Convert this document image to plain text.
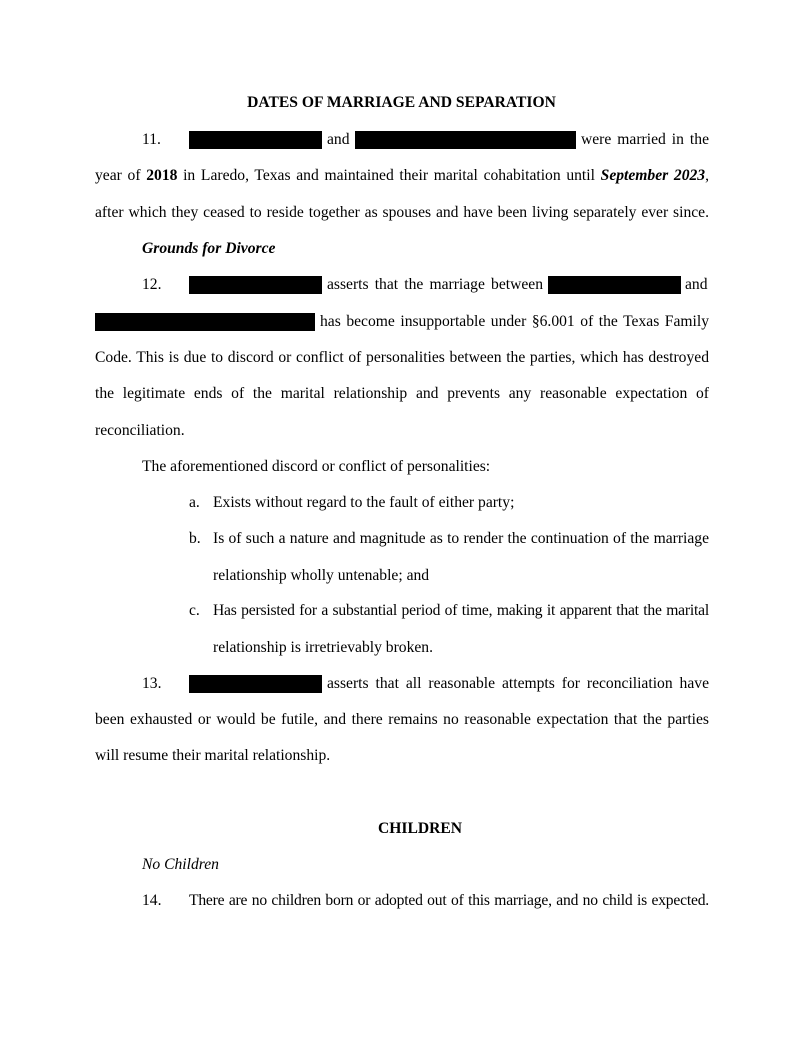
DATES OF MARRIAGE AND SEPARATION
11.	and	were married in the
year of 2018 in Laredo, Texas and maintained their marital cohabitation until September 2023,
after which they ceased to reside together as spouses and have been living separately ever since.
Grounds for Divorce
12.	asserts that the marriage between	and
has become insupportable under §6.001 of the Texas Family
Code. This is due to discord or conflict of personalities between the parties, which has destroyed
the legitimate ends of the marital relationship and prevents any reasonable expectation of
reconciliation.
The aforementioned discord or conflict of personalities:
a. Exists without regard to the fault of either party;
b. Is of such a nature and magnitude as to render the continuation of the marriage
relationship wholly untenable; and
c. Has persisted for a substantial period of time, making it apparent that the marital
relationship is irretrievably broken.
13.	asserts that all reasonable attempts for reconciliation have
been exhausted or would be futile, and there remains no reasonable expectation that the parties
will resume their marital relationship.
CHILDREN
No Children
14. There are no children born or adopted out of this marriage, and no child is expected.
